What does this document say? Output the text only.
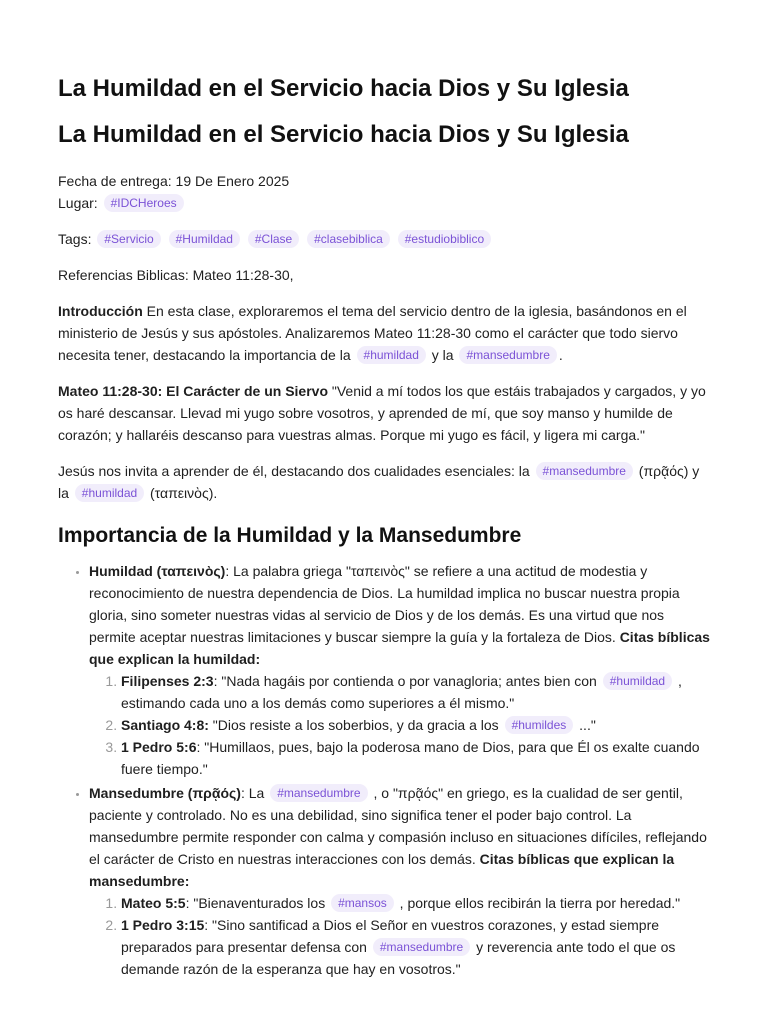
La Humildad en el Servicio hacia Dios y Su Iglesia
La Humildad en el Servicio hacia Dios y Su Iglesia
Fecha de entrega: 19 De Enero 2025
Lugar: #IDCHeroes

Tags: #Servicio #Humildad #Clase #clasebiblica #estudiobiblico

Referencias Biblicas: Mateo 11:28-30,

Introducción En esta clase, exploraremos el tema del servicio dentro de la iglesia, basándonos en el ministerio de Jesús y sus apóstoles. Analizaremos Mateo 11:28-30 como el carácter que todo siervo necesita tener, destacando la importancia de la #humildad y la #mansedumbre .

Mateo 11:28-30: El Carácter de un Siervo "Venid a mí todos los que estáis trabajados y cargados, y yo os haré descansar. Llevad mi yugo sobre vosotros, y aprended de mí, que soy manso y humilde de corazón; y hallaréis descanso para vuestras almas. Porque mi yugo es fácil, y ligera mi carga."

Jesús nos invita a aprender de él, destacando dos cualidades esenciales: la #mansedumbre (πρᾷός) y la #humildad (ταπεινὸς).

Importancia de la Humildad y la Mansedumbre
• Humildad (ταπεινὸς): La palabra griega "ταπεινὸς" se refiere a una actitud de modestia y reconocimiento de nuestra dependencia de Dios. La humildad implica no buscar nuestra propia gloria, sino someter nuestras vidas al servicio de Dios y de los demás. Es una virtud que nos permite aceptar nuestras limitaciones y buscar siempre la guía y la fortaleza de Dios. Citas bíblicas que explican la humildad:
1. Filipenses 2:3: "Nada hagáis por contienda o por vanagloria; antes bien con #humildad , estimando cada uno a los demás como superiores a él mismo."
2. Santiago 4:8: "Dios resiste a los soberbios, y da gracia a los #humildes ..."
3. 1 Pedro 5:6: "Humillaos, pues, bajo la poderosa mano de Dios, para que Él os exalte cuando fuere tiempo."
• Mansedumbre (πρᾷός): La #mansedumbre , o "πρᾷός" en griego, es la cualidad de ser gentil, paciente y controlado. No es una debilidad, sino significa tener el poder bajo control. La mansedumbre permite responder con calma y compasión incluso en situaciones difíciles, reflejando el carácter de Cristo en nuestras interacciones con los demás. Citas bíblicas que explican la mansedumbre:
1. Mateo 5:5: "Bienaventurados los #mansos , porque ellos recibirán la tierra por heredad."
2. 1 Pedro 3:15: "Sino santificad a Dios el Señor en vuestros corazones, y estad siempre preparados para presentar defensa con #mansedumbre y reverencia ante todo el que os demande razón de la esperanza que hay en vosotros."
